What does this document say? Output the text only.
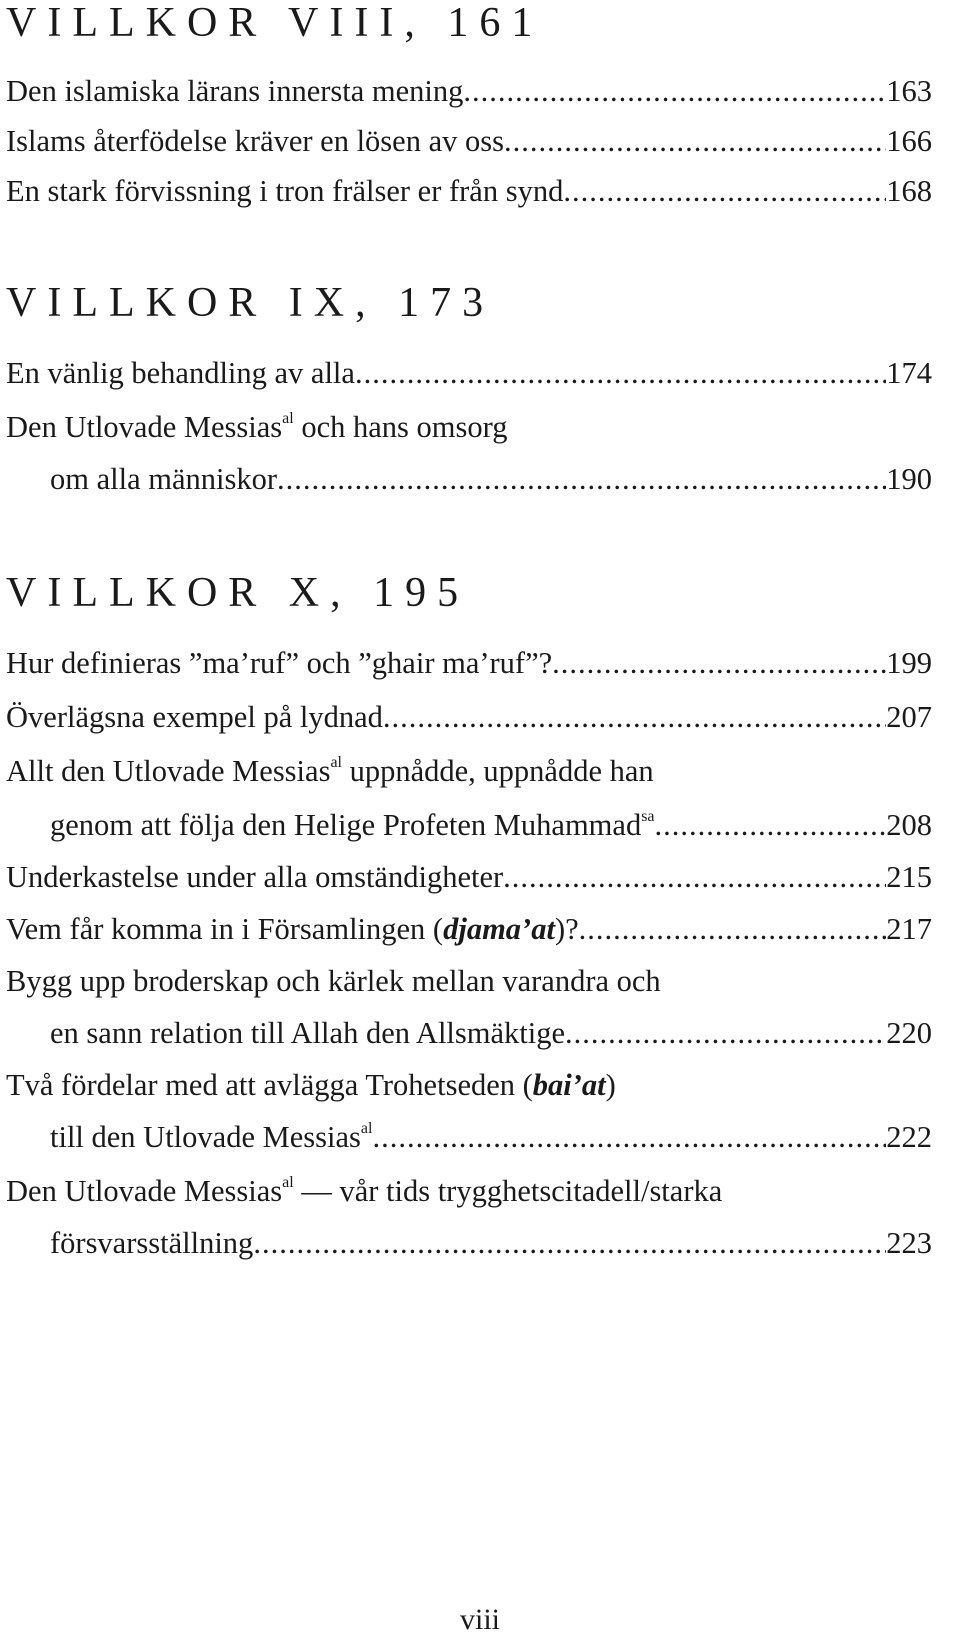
VILLKOR VIII, 161
Den islamiska lärans innersta mening .....	163
Islams återfödelse kräver en lösen av oss .....	166
En stark förvissning i tron frälser er från synd .....	168
VILLKOR IX, 173
En vänlig behandling av alla .....	174
Den Utlovade Messias$^{al}$ och hans omsorg
om alla människor .....	190
VILLKOR X, 195
Hur definieras ”ma’ruf” och ”ghair ma’ruf”? .....	199
Överlägsna exempel på lydnad .....	207
Allt den Utlovade Messias$^{al}$ uppnådde, uppnådde han
genom att följa den Helige Profeten Muhammad$^{sa}$ .....	208
Underkastelse under alla omständigheter .....	215
Vem får komma in i Församlingen (djama’at)? .....	217
Bygg upp broderskap och kärlek mellan varandra och
en sann relation till Allah den Allsmäktige .....	220
Två fördelar med att avlägga Trohetseden (bai’at)
till den Utlovade Messias$^{al}$ .....	222
Den Utlovade Messias$^{al}$ — vår tids trygghetscitadell/starka
försvarsställning .....	223
viii
